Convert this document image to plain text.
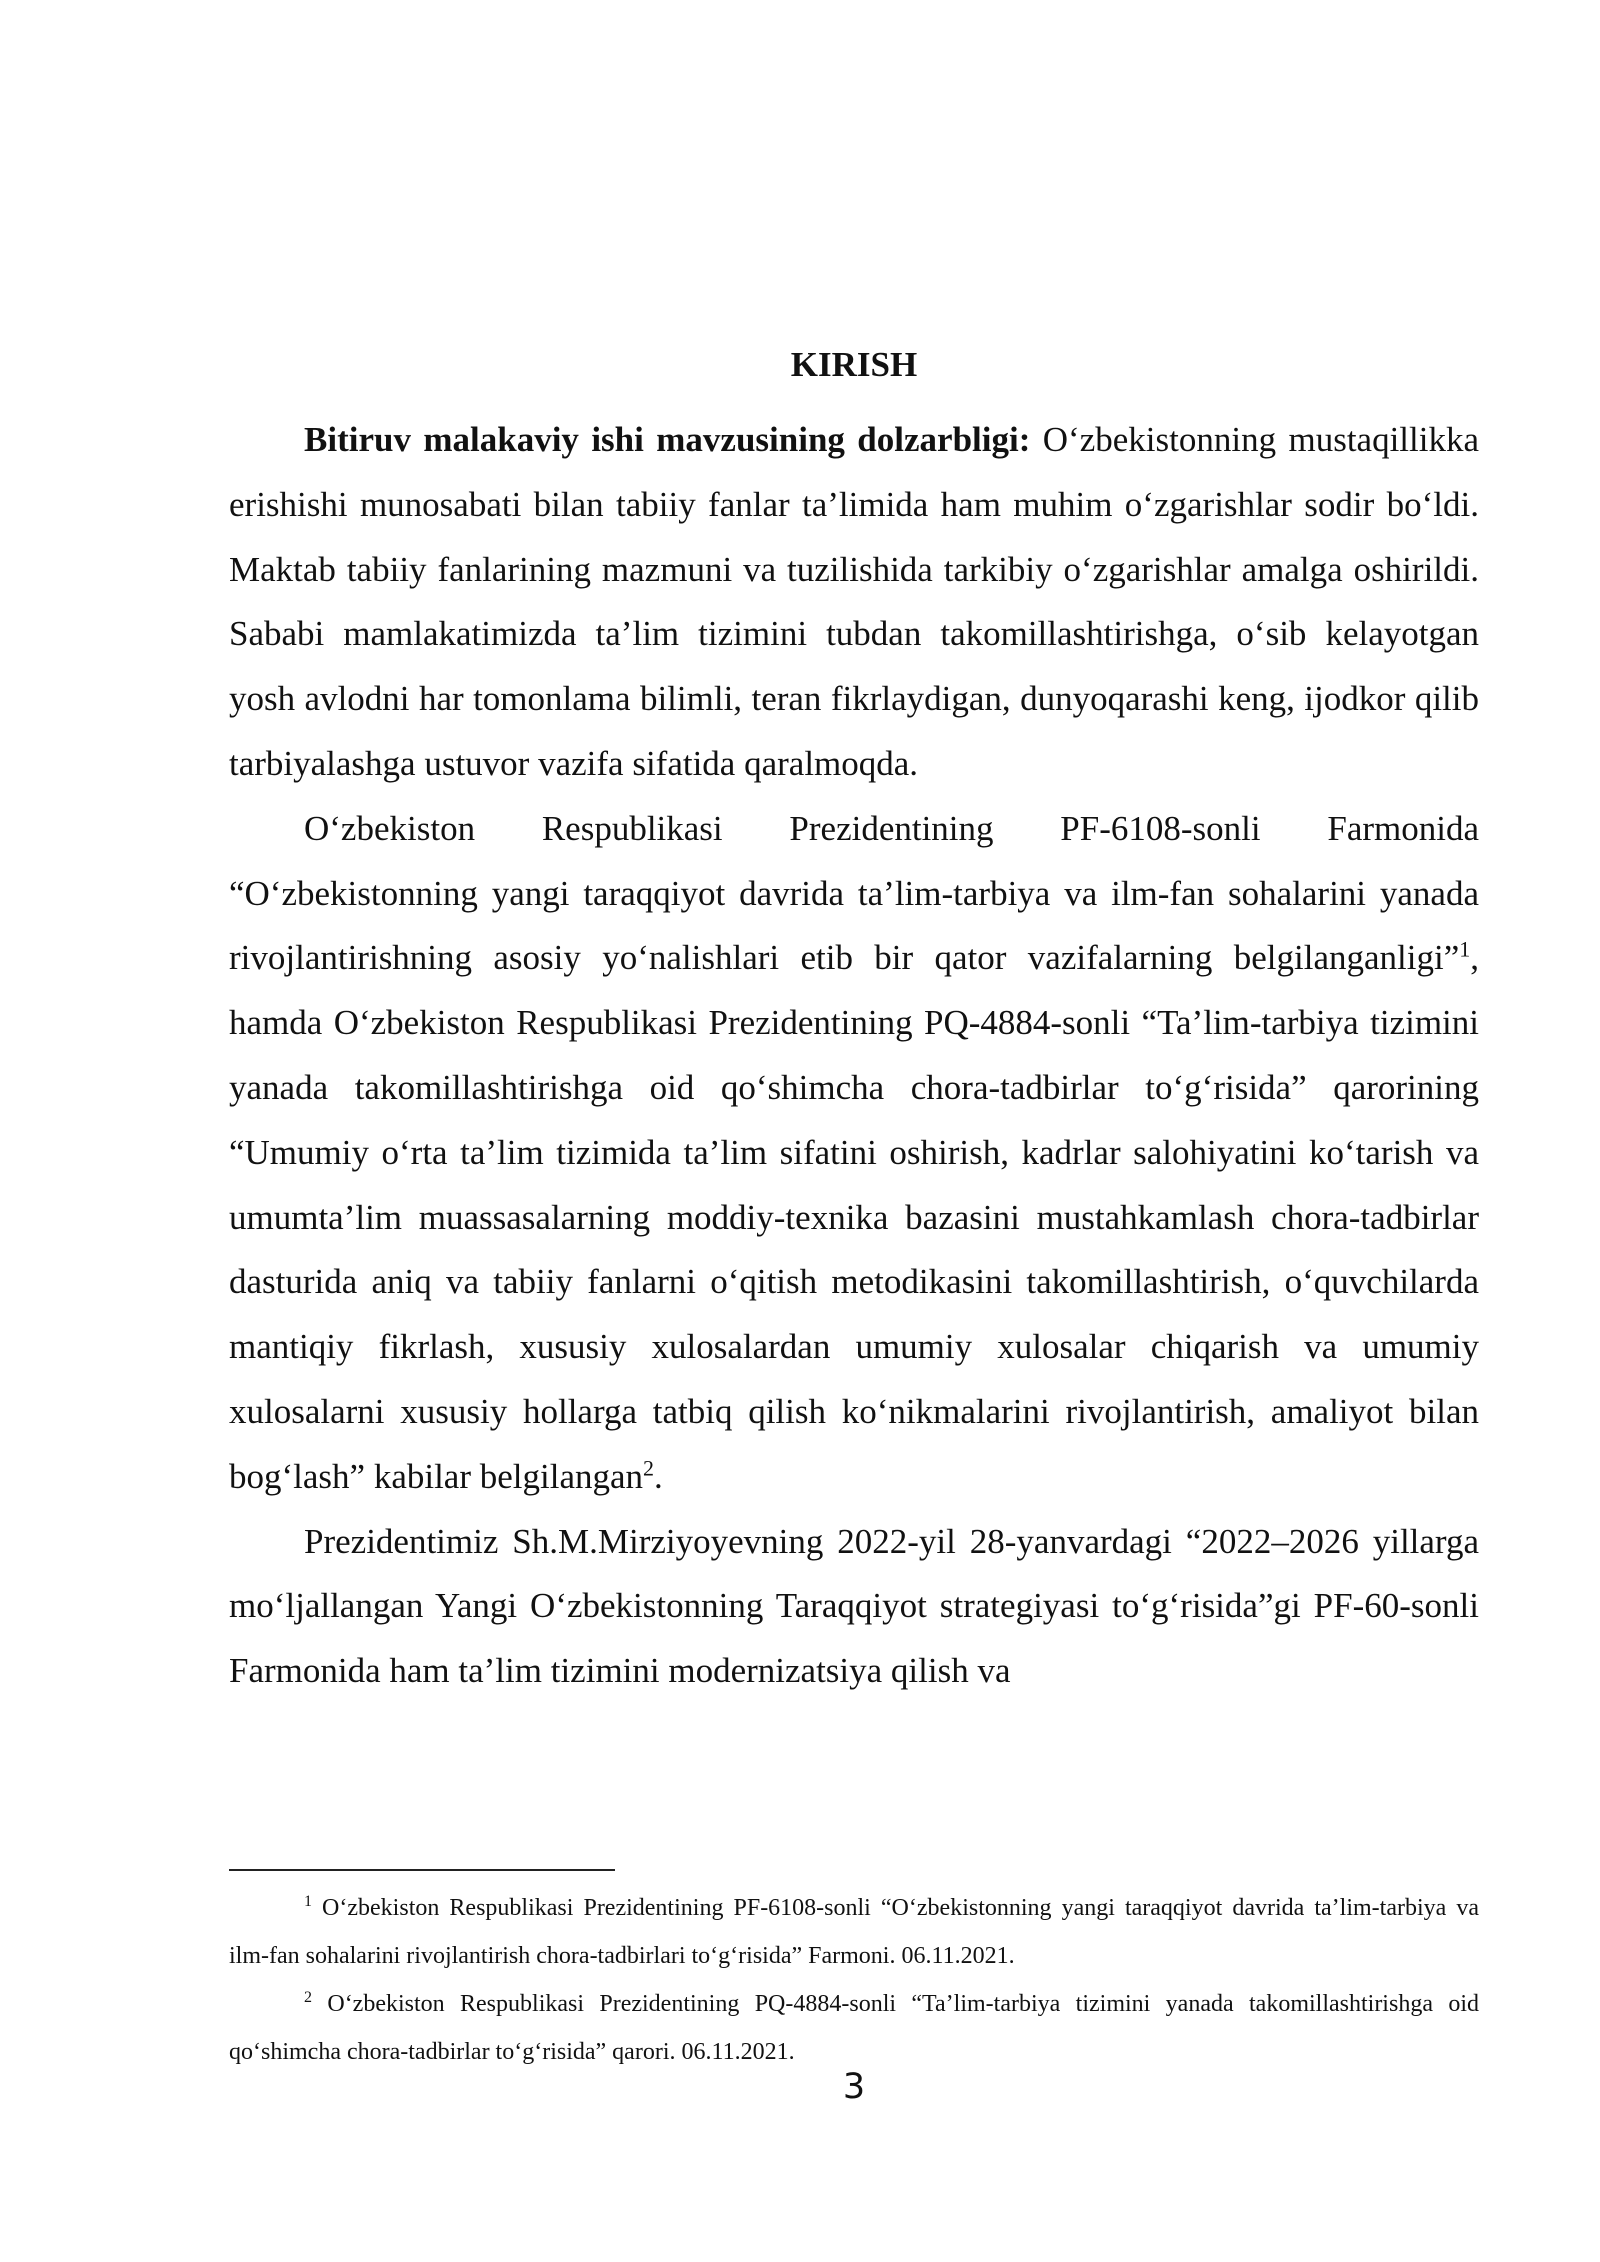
KIRISH

Bitiruv malakaviy ishi mavzusining dolzarbligi: O‘zbekistonning mustaqillikka erishishi munosabati bilan tabiiy fanlar ta’limida ham muhim o‘zgarishlar sodir bo‘ldi. Maktab tabiiy fanlarining mazmuni va tuzilishida tarkibiy o‘zgarishlar amalga oshirildi. Sababi mamlakatimizda ta’lim tizimini tubdan takomillashtirishga, o‘sib kelayotgan yosh avlodni har tomonlama bilimli, teran fikrlaydigan, dunyoqarashi keng, ijodkor qilib tarbiyalashga ustuvor vazifa sifatida qaralmoqda.

O‘zbekiston Respublikasi Prezidentining PF-6108-sonli Farmonida “O‘zbekistonning yangi taraqqiyot davrida ta’lim-tarbiya va ilm-fan sohalarini yanada rivojlantirishning asosiy yo‘nalishlari etib bir qator vazifalarning belgilanganligi”$^1$, hamda O‘zbekiston Respublikasi Prezidentining PQ-4884-sonli “Ta’lim-tarbiya tizimini yanada takomillashtirishga oid qo‘shimcha chora-tadbirlar to‘g‘risida” qarorining “Umumiy o‘rta ta’lim tizimida ta’lim sifatini oshirish, kadrlar salohiyatini ko‘tarish va umumta’lim muassasalarning moddiy-texnika bazasini mustahkamlash chora-tadbirlar dasturida aniq va tabiiy fanlarni o‘qitish metodikasini takomillashtirish, o‘quvchilarda mantiqiy fikrlash, xususiy xulosalardan umumiy xulosalar chiqarish va umumiy xulosalarni xususiy hollarga tatbiq qilish ko‘nikmalarini rivojlantirish, amaliyot bilan bog‘lash” kabilar belgilangan$^2$.

Prezidentimiz Sh.M.Mirziyoyevning 2022-yil 28-yanvardagi “2022–2026 yillarga mo‘ljallangan Yangi O‘zbekistonning Taraqqiyot strategiyasi to‘g‘risida”gi PF-60-sonli Farmonida ham ta’lim tizimini modernizatsiya qilish va

$^1$ O‘zbekiston Respublikasi Prezidentining PF-6108-sonli “O‘zbekistonning yangi taraqqiyot davrida ta’lim-tarbiya va ilm-fan sohalarini rivojlantirish chora-tadbirlari to‘g‘risida” Farmoni. 06.11.2021.

$^2$ O‘zbekiston Respublikasi Prezidentining PQ-4884-sonli “Ta’lim-tarbiya tizimini yanada takomillashtirishga oid qo‘shimcha chora-tadbirlar to‘g‘risida” qarori. 06.11.2021.

3
